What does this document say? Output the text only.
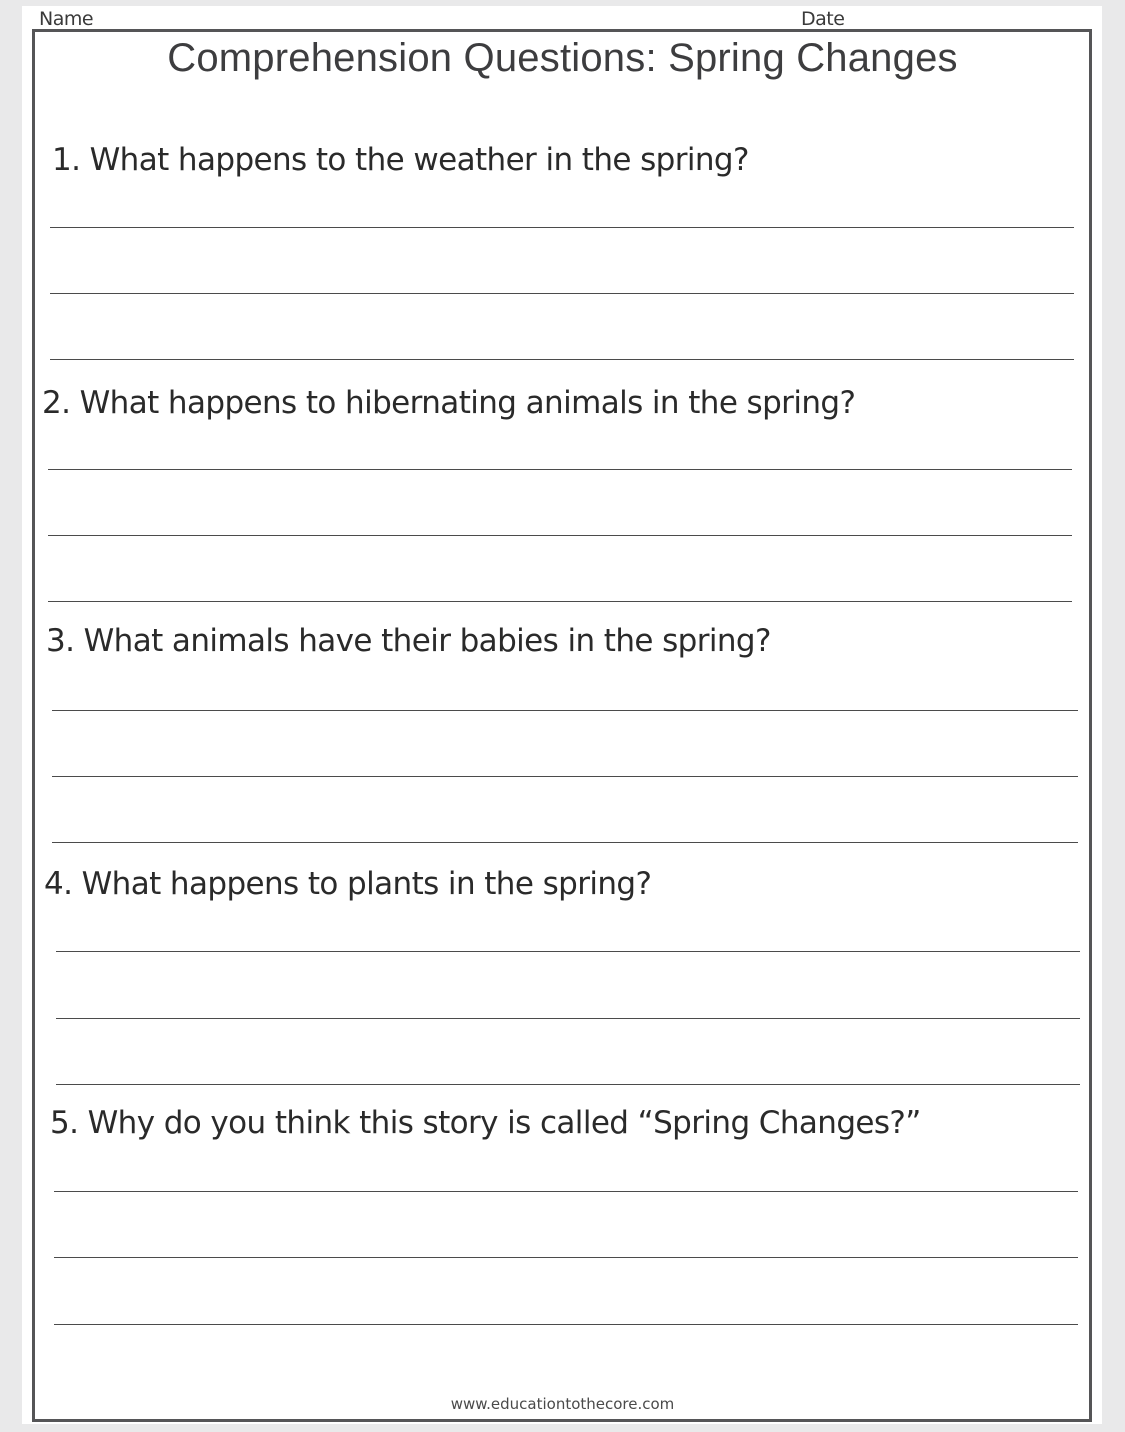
Name	Date
Comprehension Questions: Spring Changes
1. What happens to the weather in the spring?
2. What happens to hibernating animals in the spring?
3. What animals have their babies in the spring?
4. What happens to plants in the spring?
5. Why do you think this story is called “Spring Changes?”
www.educationtothecore.com
